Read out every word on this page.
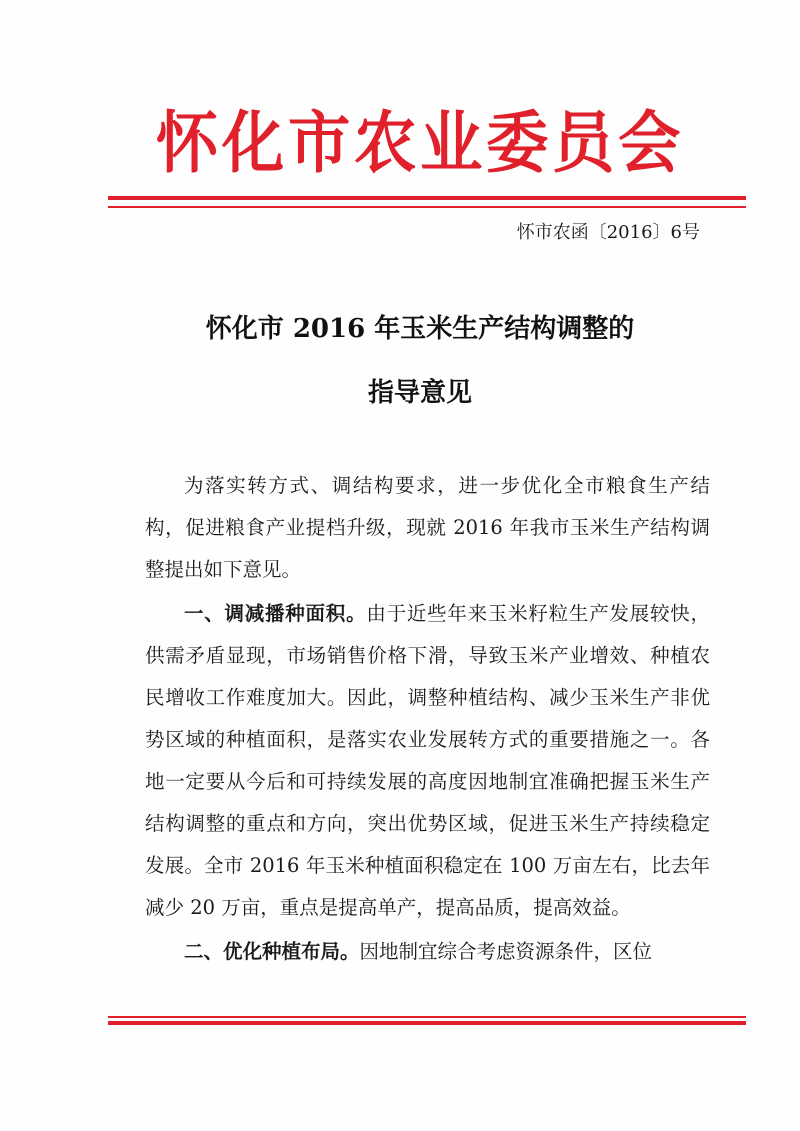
怀化市农业委员会
怀市农函〔2016〕6号
怀化市 2016 年玉米生产结构调整的
指导意见

为落实转方式、调结构要求，进一步优化全市粮食生产结构，促进粮食产业提档升级，现就 2016 年我市玉米生产结构调整提出如下意见。

一、调减播种面积。由于近些年来玉米籽粒生产发展较快，供需矛盾显现，市场销售价格下滑，导致玉米产业增效、种植农民增收工作难度加大。因此，调整种植结构、减少玉米生产非优势区域的种植面积，是落实农业发展转方式的重要措施之一。各地一定要从今后和可持续发展的高度因地制宜准确把握玉米生产结构调整的重点和方向，突出优势区域，促进玉米生产持续稳定发展。全市 2016 年玉米种植面积稳定在 100 万亩左右，比去年减少 20 万亩，重点是提高单产，提高品质，提高效益。

二、优化种植布局。因地制宜综合考虑资源条件，区位
